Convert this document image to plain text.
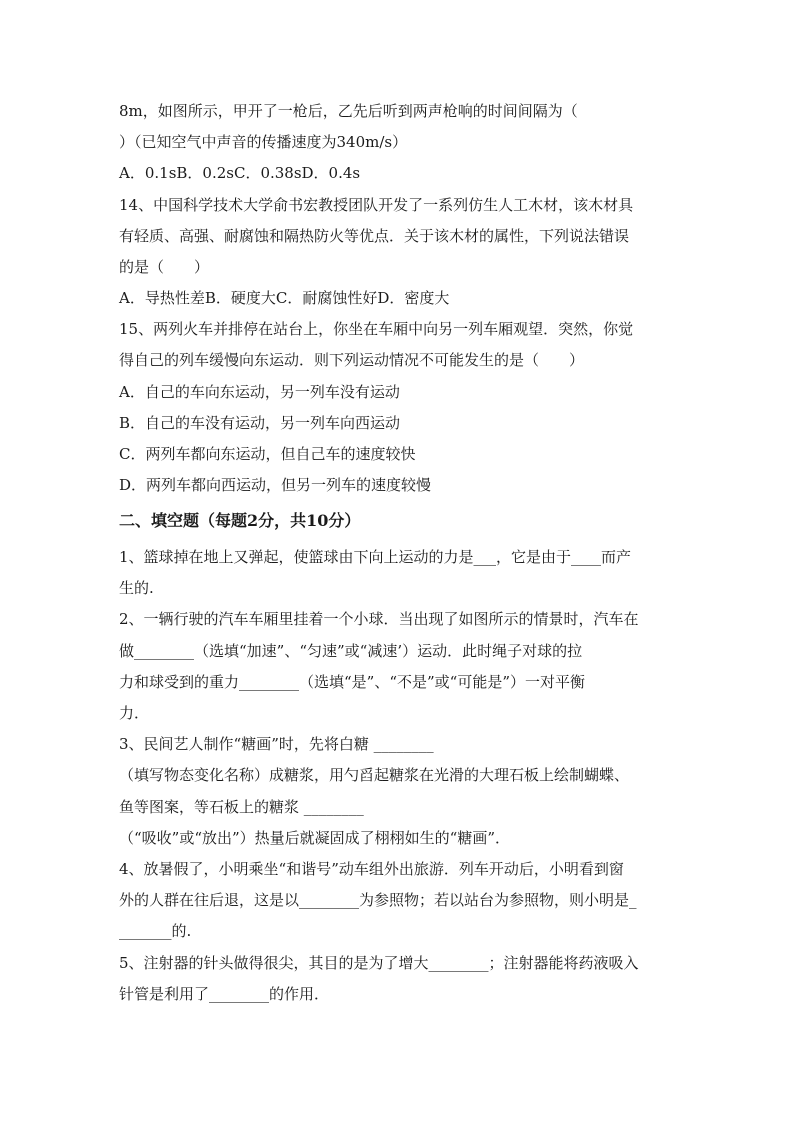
8m，如图所示，甲开了一枪后，乙先后听到两声枪响的时间间隔为（
）（已知空气中声音的传播速度为340m/s）
A．0.1sB．0.2sC．0.38sD．0.4s
14、中国科学技术大学俞书宏教授团队开发了一系列仿生人工木材，该木材具
有轻质、高强、耐腐蚀和隔热防火等优点．关于该木材的属性，下列说法错误
的是（　　）
A．导热性差B．硬度大C．耐腐蚀性好D．密度大
15、两列火车并排停在站台上，你坐在车厢中向另一列车厢观望．突然，你觉
得自己的列车缓慢向东运动．则下列运动情况不可能发生的是（　　）
A．自己的车向东运动，另一列车没有运动
B．自己的车没有运动，另一列车向西运动
C．两列车都向东运动，但自己车的速度较快
D．两列车都向西运动，但另一列车的速度较慢
二、填空题（每题2分，共10分）
1、篮球掉在地上又弹起，使篮球由下向上运动的力是___，它是由于____而产
生的.
2、一辆行驶的汽车车厢里挂着一个小球．当出现了如图所示的情景时，汽车在
做________（选填“加速”、“匀速”或“减速’）运动．此时绳子对球的拉
力和球受到的重力________（选填“是”、“不是”或“可能是”）一对平衡
力．
3、民间艺人制作“糖画”时，先将白糖 ________
（填写物态变化名称）成糖浆，用勺舀起糖浆在光滑的大理石板上绘制蝴蝶、
鱼等图案，等石板上的糖浆 ________
（“吸收”或“放出”）热量后就凝固成了栩栩如生的“糖画”．
4、放暑假了，小明乘坐“和谐号”动车组外出旅游．列车开动后，小明看到窗
外的人群在往后退，这是以________为参照物；若以站台为参照物，则小明是_
_______的.
5、注射器的针头做得很尖，其目的是为了增大________；注射器能将药液吸入
针管是利用了________的作用．
